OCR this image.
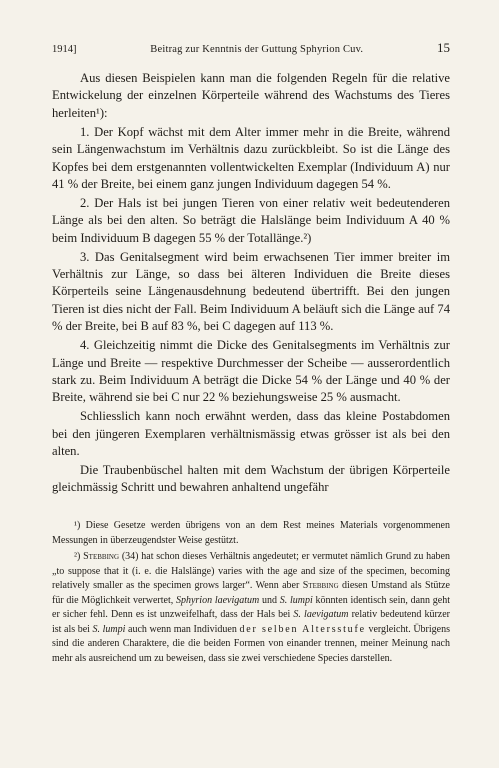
1914]	Beitrag zur Kenntnis der Guttung Sphyrion Cuv.	15

Aus diesen Beispielen kann man die folgenden Regeln für die relative Entwickelung der einzelnen Körperteile während des Wachstums des Tieres herleiten¹):

1. Der Kopf wächst mit dem Alter immer mehr in die Breite, während sein Längenwachstum im Verhältnis dazu zurückbleibt. So ist die Länge des Kopfes bei dem erstgenannten vollentwickelten Exemplar (Individuum A) nur 41 % der Breite, bei einem ganz jungen Individuum dagegen 54 %.

2. Der Hals ist bei jungen Tieren von einer relativ weit bedeutenderen Länge als bei den alten. So beträgt die Halslänge beim Individuum A 40 % beim Individuum B dagegen 55 % der Totallänge.²)

3. Das Genitalsegment wird beim erwachsenen Tier immer breiter im Verhältnis zur Länge, so dass bei älteren Individuen die Breite dieses Körperteils seine Längenausdehnung bedeutend übertrifft. Bei den jungen Tieren ist dies nicht der Fall. Beim Individuum A beläuft sich die Länge auf 74 % der Breite, bei B auf 83 %, bei C dagegen auf 113 %.

4. Gleichzeitig nimmt die Dicke des Genitalsegments im Verhältnis zur Länge und Breite — respektive Durchmesser der Scheibe — ausserordentlich stark zu. Beim Individuum A beträgt die Dicke 54 % der Länge und 40 % der Breite, während sie bei C nur 22 % beziehungsweise 25 % ausmacht.

Schliesslich kann noch erwähnt werden, dass das kleine Postabdomen bei den jüngeren Exemplaren verhältnismässig etwas grösser ist als bei den alten.

Die Traubenbüschel halten mit dem Wachstum der übrigen Körperteile gleichmässig Schritt und bewahren anhaltend ungefähr

¹) Diese Gesetze werden übrigens von an dem Rest meines Materials vorgenommenen Messungen in überzeugendster Weise gestützt.

²) Stebbing (34) hat schon dieses Verhältnis angedeutet; er vermutet nämlich Grund zu haben „to suppose that it (i. e. die Halslänge) varies with the age and size of the specimen, becoming relatively smaller as the specimen grows larger“. Wenn aber Stebbing diesen Umstand als Stütze für die Möglichkeit verwertet, Sphyrion laevigatum und S. lumpi könnten identisch sein, dann geht er sicher fehl. Denn es ist unzweifelhaft, dass der Hals bei S. laevigatum relativ bedeutend kürzer ist als bei S. lumpi auch wenn man Individuen der selben Altersstufe vergleicht. Übrigens sind die anderen Charaktere, die die beiden Formen von einander trennen, meiner Meinung nach mehr als ausreichend um zu beweisen, dass sie zwei verschiedene Species darstellen.
